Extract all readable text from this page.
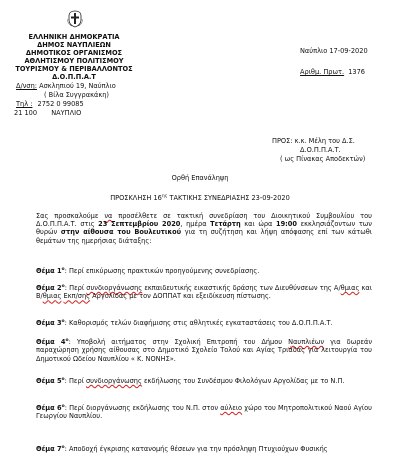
ΕΛΛΗΝΙΚΗ ΔΗΜΟΚΡΑΤΙΑ
ΔΗΜΟΣ ΝΑΥΠΛΙΕΩΝ
ΔΗΜΟΤΙΚΟΣ ΟΡΓΑΝΙΣΜΟΣ
ΑΘΛΗΤΙΣΜΟΥ ΠΟΛΙΤΙΣΜΟΥ
ΤΟΥΡΙΣΜΟΥ & ΠΕΡΙΒΑΛΛΟΝΤΟΣ
Δ.Ο.Π.Π.Α.Τ
Δ/νση: Ασκληπιού 19, Ναύπλιο
( Βίλα Συγγρακάκη)
Τηλ : 2752 0 99085
21 100 ΝΑΥΠΛΙΟ
Ναύπλιο 17-09-2020
Αριθμ. Πρωτ. 1376
ΠΡΟΣ: κ.κ. Μέλη του Δ.Σ.
Δ.Ο.Π.Π.Α.Τ.
( ως Πίνακας Αποδεκτών)
Ορθή Επανάληψη
ΠΡΟΣΚΛΗΣΗ $16^{\eta\varsigma}$ ΤΑΚΤΙΚΗΣ ΣΥΝΕΔΡΙΑΣΗΣ 23-09-2020
Σας προσκαλούμε να προσέλθετε σε τακτική συνεδρίαση του Διοικητικού Συμβουλίου του Δ.Ο.Π.Π.Α.Τ. στις 23 Σεπτεμβρίου 2020, ημέρα Τετάρτη και ώρα 19:00 εκκλησιάζοντων των θυρών στην αίθουσα του Βουλευτικού για τη συζήτηση και λήψη απόφασης επί των κάτωθι θεμάτων της ημερήσιας διάταξης:
Θέμα $1^o$: Περί επικύρωσης πρακτικών προηγούμενης συνεδρίασης.
Θέμα $2^o$: Περί συνδιοργάνωσης εκπαιδευτικής εικαστικής δράσης των Διευθύνσεων της Α/θμιας και Β/θμιας Εκπ/σης Αργολίδας με τον ΔΟΠΠΑΤ και εξειδίκευση πίστωσης.
Θέμα $3^o$: Καθορισμός τελών διαφήμισης στις αθλητικές εγκαταστάσεις του Δ.Ο.Π.Π.Α.Τ.
Θέμα $4^o$: Υποβολή αιτήματος στην Σχολική Επιτροπή του Δήμου Ναυπλιέων για δωρεάν παραχώρηση χρήσης αίθουσας στο Δημοτικό Σχολείο Τολού και Αγίας Τριάδας για λειτουργία του Δημοτικού Ωδείου Ναυπλίου « Κ. ΝΟΝΗΣ».
Θέμα $5^o$: Περί συνδιοργάνωσης εκδήλωσης του Συνδέσμου Φιλολόγων Αργολίδας με το Ν.Π.
Θέμα $6^o$: Περί διοργάνωσης εκδήλωσης του Ν.Π. στον αύλειο χώρο του Μητροπολιτικού Ναού Αγίου Γεωργίου Ναυπλίου.
Θέμα $7^o$: Αποδοχή έγκρισης κατανομής θέσεων για την πρόσληψη Πτυχιούχων Φυσικής
